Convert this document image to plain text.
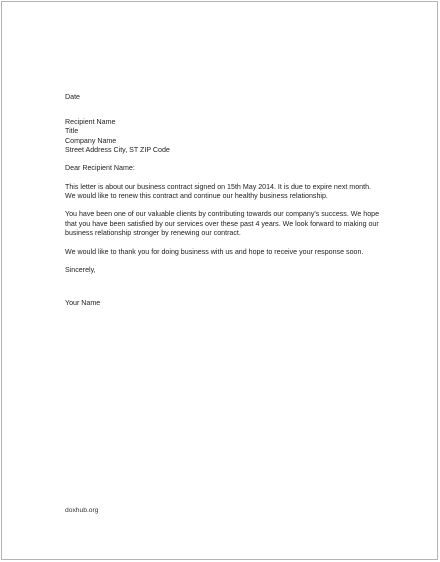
Date
Recipient Name
Title
Company Name
Street Address City, ST ZIP Code
Dear Recipient Name:

This letter is about our business contract signed on 15th May 2014. It is due to expire next month. We would like to renew this contract and continue our healthy business relationship.

You have been one of our valuable clients by contributing towards our company's success. We hope that you have been satisfied by our services over these past 4 years. We look forward to making our business relationship stronger by renewing our contract.

We would like to thank you for doing business with us and hope to receive your response soon.

Sincerely,
Your Name
doxhub.org
